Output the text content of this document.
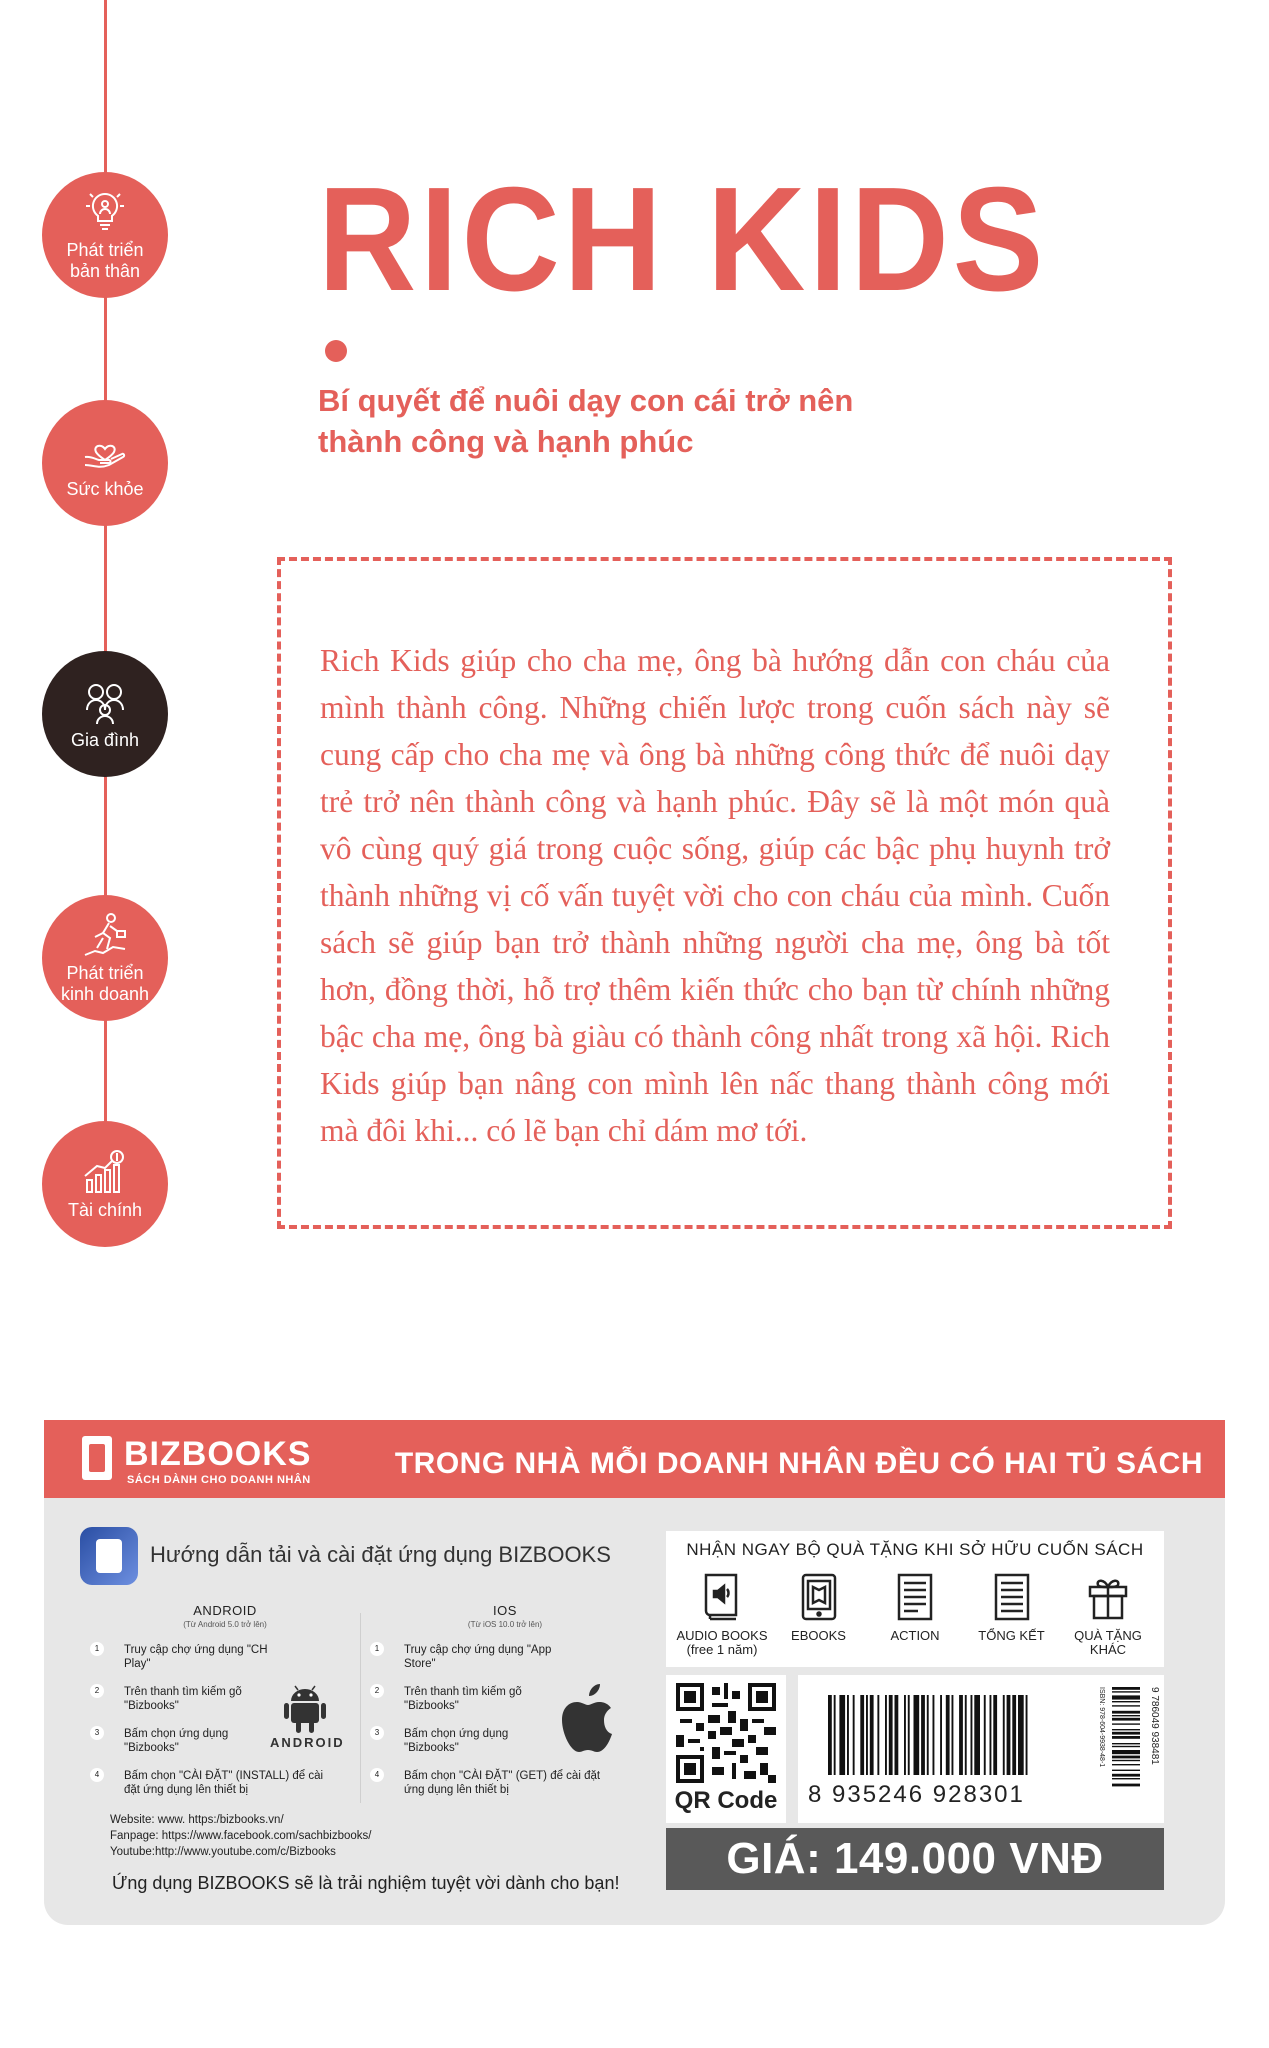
Phát triển
bản thân
Sức khỏe
Gia đình
Phát triển
kinh doanh
Tài chính
RICH KIDS
Bí quyết để nuôi dạy con cái trở nên thành công và hạnh phúc
Rich Kids giúp cho cha mẹ, ông bà hướng dẫn con cháu của mình thành công. Những chiến lược trong cuốn sách này sẽ cung cấp cho cha mẹ và ông bà những công thức để nuôi dạy trẻ trở nên thành công và hạnh phúc. Đây sẽ là một món quà vô cùng quý giá trong cuộc sống, giúp các bậc phụ huynh trở thành những vị cố vấn tuyệt vời cho con cháu của mình. Cuốn sách sẽ giúp bạn trở thành những người cha mẹ, ông bà tốt hơn, đồng thời, hỗ trợ thêm kiến thức cho bạn từ chính những bậc cha mẹ, ông bà giàu có thành công nhất trong xã hội. Rich Kids giúp bạn nâng con mình lên nấc thang thành công mới mà đôi khi... có lẽ bạn chỉ dám mơ tới.
BIZBOOKS
SÁCH DÀNH CHO DOANH NHÂN	TRONG NHÀ MỖI DOANH NHÂN ĐỀU CÓ HAI TỦ SÁCH
Hướng dẫn tải và cài đặt ứng dụng BIZBOOKS
ANDROID
(Từ Android 5.0 trở lên)
1	Truy cập chợ ứng dụng "CH Play"
2	Trên thanh tìm kiếm gõ "Bizbooks"
3	Bấm chọn ứng dụng "Bizbooks"
4	Bấm chọn "CÀI ĐẶT" (INSTALL) để cài đặt ứng dụng lên thiết bị
ANDROID
IOS
(Từ iOS 10.0 trở lên)
1	Truy cập chợ ứng dụng "App Store"
2	Trên thanh tìm kiếm gõ "Bizbooks"
3	Bấm chọn ứng dụng "Bizbooks"
4	Bấm chọn "CÀI ĐẶT" (GET) để cài đặt ứng dụng lên thiết bị
Website: www. https:/bizbooks.vn/
Fanpage: https://www.facebook.com/sachbizbooks/
Youtube:http://www.youtube.com/c/Bizbooks
Ứng dụng BIZBOOKS sẽ là trải nghiệm tuyệt vời dành cho bạn!
NHẬN NGAY BỘ QUÀ TẶNG KHI SỞ HỮU CUỐN SÁCH
AUDIO BOOKS
(free 1 năm)
EBOOKS	ACTION	TỔNG KẾT QUÀ TẶNG
KHÁC
QR Code	8 935246 928301
ISBN: 978-604-9938-48-1	9 786049 938481
GIÁ: 149.000 VNĐ
